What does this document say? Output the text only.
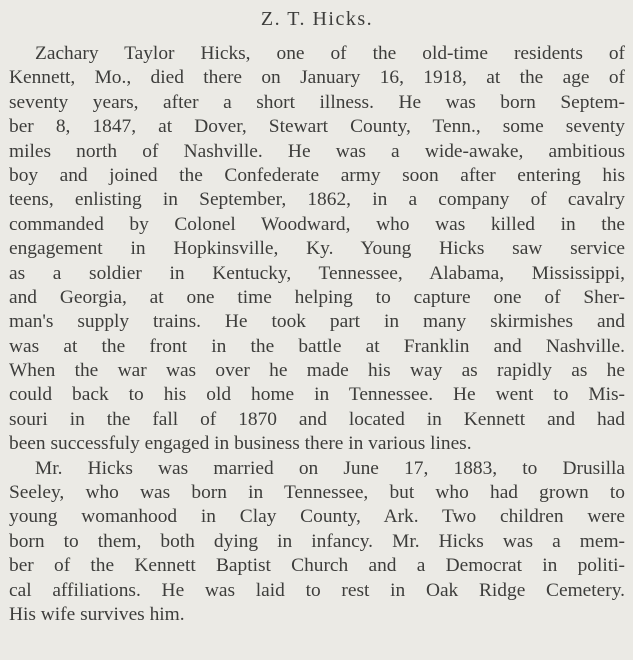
Z. T. Hicks.
Zachary Taylor Hicks, one of the old-time residents of
Kennett, Mo., died there on January 16, 1918, at the age of
seventy years, after a short illness. He was born Septem-
ber 8, 1847, at Dover, Stewart County, Tenn., some seventy
miles north of Nashville. He was a wide-awake, ambitious
boy and joined the Confederate army soon after entering his
teens, enlisting in September, 1862, in a company of cavalry
commanded by Colonel Woodward, who was killed in the
engagement in Hopkinsville, Ky. Young Hicks saw service
as a soldier in Kentucky, Tennessee, Alabama, Mississippi,
and Georgia, at one time helping to capture one of Sher-
man's supply trains. He took part in many skirmishes and
was at the front in the battle at Franklin and Nashville.
When the war was over he made his way as rapidly as he
could back to his old home in Tennessee. He went to Mis-
souri in the fall of 1870 and located in Kennett and had
been successfuly engaged in business there in various lines.
Mr. Hicks was married on June 17, 1883, to Drusilla
Seeley, who was born in Tennessee, but who had grown to
young womanhood in Clay County, Ark. Two children were
born to them, both dying in infancy. Mr. Hicks was a mem-
ber of the Kennett Baptist Church and a Democrat in politi-
cal affiliations. He was laid to rest in Oak Ridge Cemetery.
His wife survives him.
